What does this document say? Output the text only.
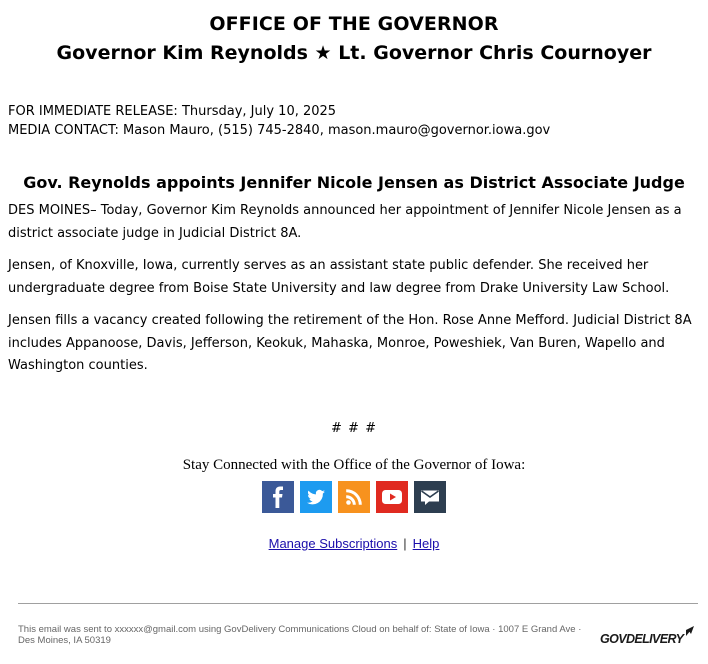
OFFICE OF THE GOVERNOR
Governor Kim Reynolds ★ Lt. Governor Chris Cournoyer
FOR IMMEDIATE RELEASE: Thursday, July 10, 2025
MEDIA CONTACT: Mason Mauro, (515) 745-2840, mason.mauro@governor.iowa.gov
Gov. Reynolds appoints Jennifer Nicole Jensen as District Associate Judge

DES MOINES– Today, Governor Kim Reynolds announced her appointment of Jennifer Nicole Jensen as a district associate judge in Judicial District 8A.

Jensen, of Knoxville, Iowa, currently serves as an assistant state public defender. She received her undergraduate degree from Boise State University and law degree from Drake University Law School.

Jensen fills a vacancy created following the retirement of the Hon. Rose Anne Mefford. Judicial District 8A includes Appanoose, Davis, Jefferson, Keokuk, Mahaska, Monroe, Poweshiek, Van Buren, Wapello and Washington counties.

# # #
Stay Connected with the Office of the Governor of Iowa:

Manage Subscriptions | Help
This email was sent to xxxxxx@gmail.com using GovDelivery Communications Cloud on behalf of: State of Iowa · 1007 E Grand Ave · Des Moines, IA 50319	GOVDELIVERY
